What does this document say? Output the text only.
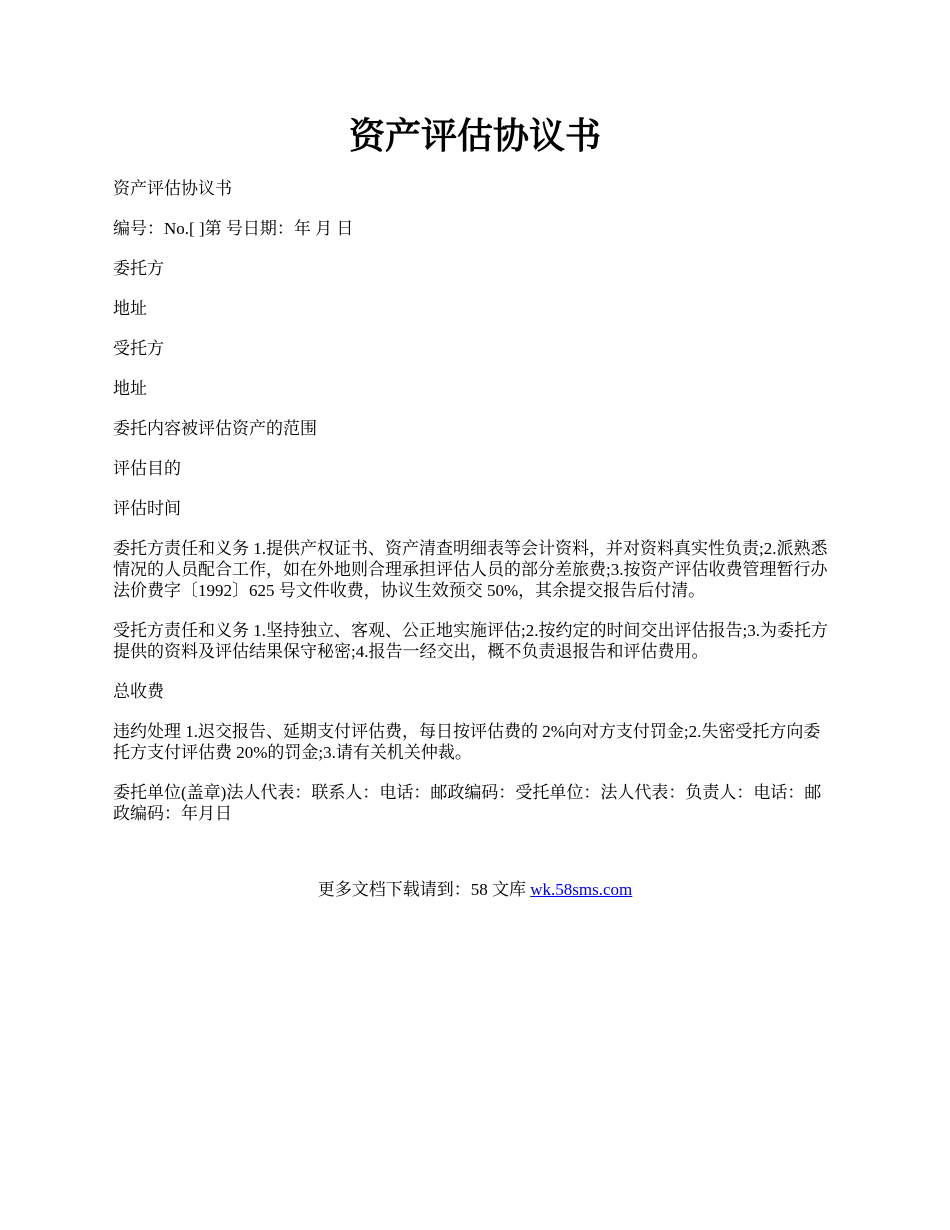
资产评估协议书

资产评估协议书

编号：No.[ ]第 号日期：年 月 日

委托方

地址

受托方

地址

委托内容被评估资产的范围

评估目的

评估时间

委托方责任和义务 1.提供产权证书、资产清查明细表等会计资料，并对资料真实性负责;2.派熟悉情况的人员配合工作，如在外地则合理承担评估人员的部分差旅费;3.按资产评估收费管理暂行办法价费字〔1992〕625 号文件收费，协议生效预交 50%，其余提交报告后付清。

受托方责任和义务 1.坚持独立、客观、公正地实施评估;2.按约定的时间交出评估报告;3.为委托方提供的资料及评估结果保守秘密;4.报告一经交出，概不负责退报告和评估费用。

总收费

违约处理 1.迟交报告、延期支付评估费，每日按评估费的 2%向对方支付罚金;2.失密受托方向委托方支付评估费 20%的罚金;3.请有关机关仲裁。

委托单位(盖章)法人代表：联系人：电话：邮政编码：受托单位：法人代表：负责人：电话：邮政编码：年月日

更多文档下载请到：58 文库 wk.58sms.com
